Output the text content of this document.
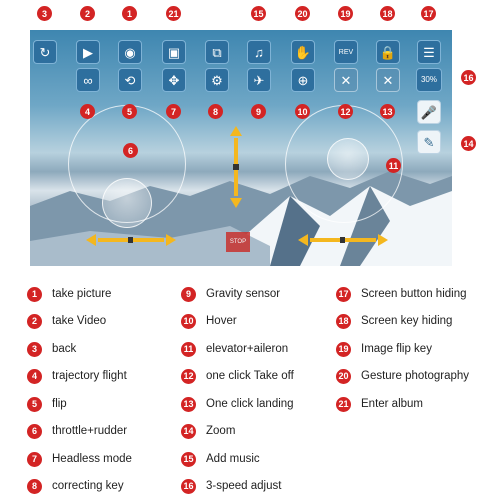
3	2	1	21	15	20	19	18	17
↻	▶	◉	▣	⧉	♫	✋	REV	🔒	☰
∞	⟲	✥	⚙	✈	⊕	✕	✕	30%
🎤
✎
6
11
STOP
4	5	7	8	9	10	12	13
16
14
1	take picture
2	take Video
3	back
4	trajectory flight
5	flip
6	throttle+rudder
7	Headless mode
8	correcting key
9	Gravity sensor
10 Hover
11 elevator+aileron
12 one click Take off
13 One click landing
14 Zoom
15 Add music
16 3-speed adjust
17 Screen button hiding
18 Screen key hiding
19 Image flip key
20 Gesture photography
21 Enter album
